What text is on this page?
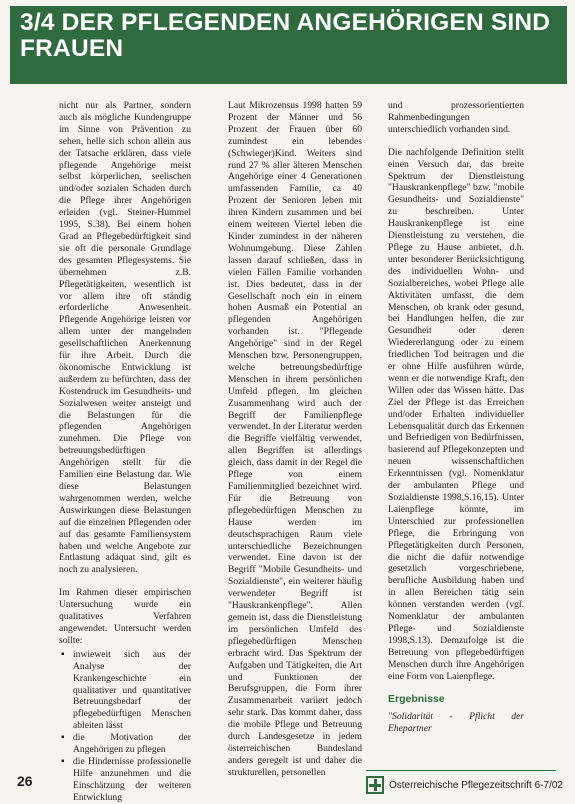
3/4 DER PFLEGENDEN ANGEHÖRIGEN SIND FRAUEN

nicht nur als Partner, sondern auch als mögliche Kundengruppe im Sinne von Prävention zu sehen, helle sich schon allein aus der Tatsache erklären, dass viele pflegende Angehörige meist selbst körperlichen, seelischen und/oder sozialen Schaden durch die Pflege ihrer Angehörigen erleiden (vgl. Steiner-Hummel 1995, S.38). Bei einem hohen Grad an Pflegebedürftigkeit sind sie oft die personale Grundlage des gesamten Pflegesystems. Sie übernehmen z.B. Pflegetätigkeiten, wesentlich ist vor allem ihre oft ständig erforderliche Anwesenheit. Pflegende Angehörige leisten vor allem unter der mangelnden gesellschaftlichen Anerkennung für ihre Arbeit. Durch die ökonomische Entwicklung ist außerdem zu befürchten, dass der Kostendruck im Gesundheits- und Sozialwesen weiter ansteigt und die Belastungen für die pflegenden Angehörigen zunehmen. Die Pflege von betreuungsbedürftigen Angehörigen stellt für die Familien eine Belastung dar. Wie diese Belastungen wahrgenommen werden, welche Auswirkungen diese Belastungen auf die einzelnen Pflegenden oder auf das gesamte Familiensystem haben und welche Angebote zur Entlastung adäquat sind, gilt es noch zu analysieren.

Im Rahmen dieser empirischen Untersuchung wurde ein qualitatives Verfahren angewendet. Untersucht werden sollte:

▪ inwieweit sich aus der Analyse der Krankengeschichte ein qualitativer und quantitativer Betreuungsbedarf der pflegebedürftigen Menschen ableiten lässt
▪ die Motivation der Angehörigen zu pflegen
▪ die Hindernisse professionelle Hilfe anzunehmen und die Einschätzung der weiteren Entwicklung

Laut Mikrozensus 1998 hatten 59 Prozent der Männer und 56 Prozent der Frauen über 60 zumindest ein lebendes (Schwieger)Kind. Weiters sind rund 27 % aller älteren Menschen Angehörige einer 4 Generationen umfassenden Familie, ca 40 Prozent der Senioren leben mit ihren Kindern zusammen und bei einem weiteren Viertel leben die Kinder zumindest in der näheren Wohnumgebung. Diese Zahlen lassen darauf schließen, dass in vielen Fällen Familie vorhanden ist. Dies bedeutet, dass in der Gesellschaft noch ein in einem hohen Ausmaß ein Potential an pflegenden Angehörigen vorhanden ist. "Pflegende Angehörige" sind in der Regel Menschen bzw. Personengruppen, welche betreuungsbedürftige Menschen in ihrem persönlichen Umfeld pflegen. Im gleichen Zusammenhang wird auch der Begriff der Familienpflege verwendet. In der Literatur werden die Begriffe vielfältig verwendet, allen Begriffen ist allerdings gleich, dass damit in der Regel die Pflege von einem Familienmitglied bezeichnet wird. Für die Betreuung von pflegebedürftigen Menschen zu Hause werden im deutschsprachigen Raum viele unterschiedliche Bezeichnungen verwendet. Eine davon ist der Begriff "Mobile Gesundheits- und Sozialdienste", ein weiterer häufig verwendeter Begriff ist "Hauskrankenpflege". Allen gemein ist, dass die Dienstleistung im persönlichen Umfeld des pflegebedürftigen Menschen erbracht wird. Das Spektrum der Aufgaben und Tätigkeiten, die Art und Funktionen der Berufsgruppen, die Form ihrer Zusammenarbeit variiert jedoch sehr stark. Das kommt daher, dass die mobile Pflege und Betreuung durch Landesgesetze in jedem österreichischen Bundesland anders geregelt ist und daher die strukturellen, personellen

und prozessorientierten Rahmenbedingungen unterschiedlich vorhanden sind.

Die nachfolgende Definition stellt einen Versuch dar, das breite Spektrum der Dienstleistung "Hauskrankenpflege" bzw. "mobile Gesundheits- und Sozialdienste" zu beschreiben. Unter Hauskrankenpflege ist eine Dienstleistung zu verstehen, die Pflege zu Hause anbietet, d.h. unter besonderer Berücksichtigung des individuellen Wohn- und Sozialbereiches, wobei Pflege alle Aktivitäten umfasst, die dem Menschen, ob krank oder gesund, bei Handlungen helfen, die zur Gesundheit oder deren Wiedererlangung oder zu einem friedlichen Tod beitragen und die er ohne Hilfe ausführen würde, wenn er die notwendige Kraft, den Willen oder das Wissen hätte. Das Ziel der Pflege ist das Erreichen und/oder Erhalten individueller Lebensqualität durch das Erkennen und Befriedigen von Bedürfnissen, basierend auf Pflegekonzepten und neuen wissenschaftlichen Erkenntnissen (vgl. Nomenklatur der ambulanten Pflege und Sozialdienste 1998,S.16,15). Unter Laienpflege könnte, im Unterschied zur professionellen Pflege, die Erbringung von Pflegetätigkeiten durch Personen, die nicht die dafür notwendige gesetzlich vorgeschriebene, berufliche Ausbildung haben und in allen Bereichen tätig sein können verstanden werden (vgl. Nomenklatur der ambulanten Pflege- und Sozialdienste 1998,S.13). Demzufolge ist die Betreuung von pflegebedürftigen Menschen durch ihre Angehörigen eine Form von Laienpflege.

Ergebnisse
"Solidarität - Pflicht der Ehepartner
26	Österreichische Pflegezeitschrift 6-7/02
